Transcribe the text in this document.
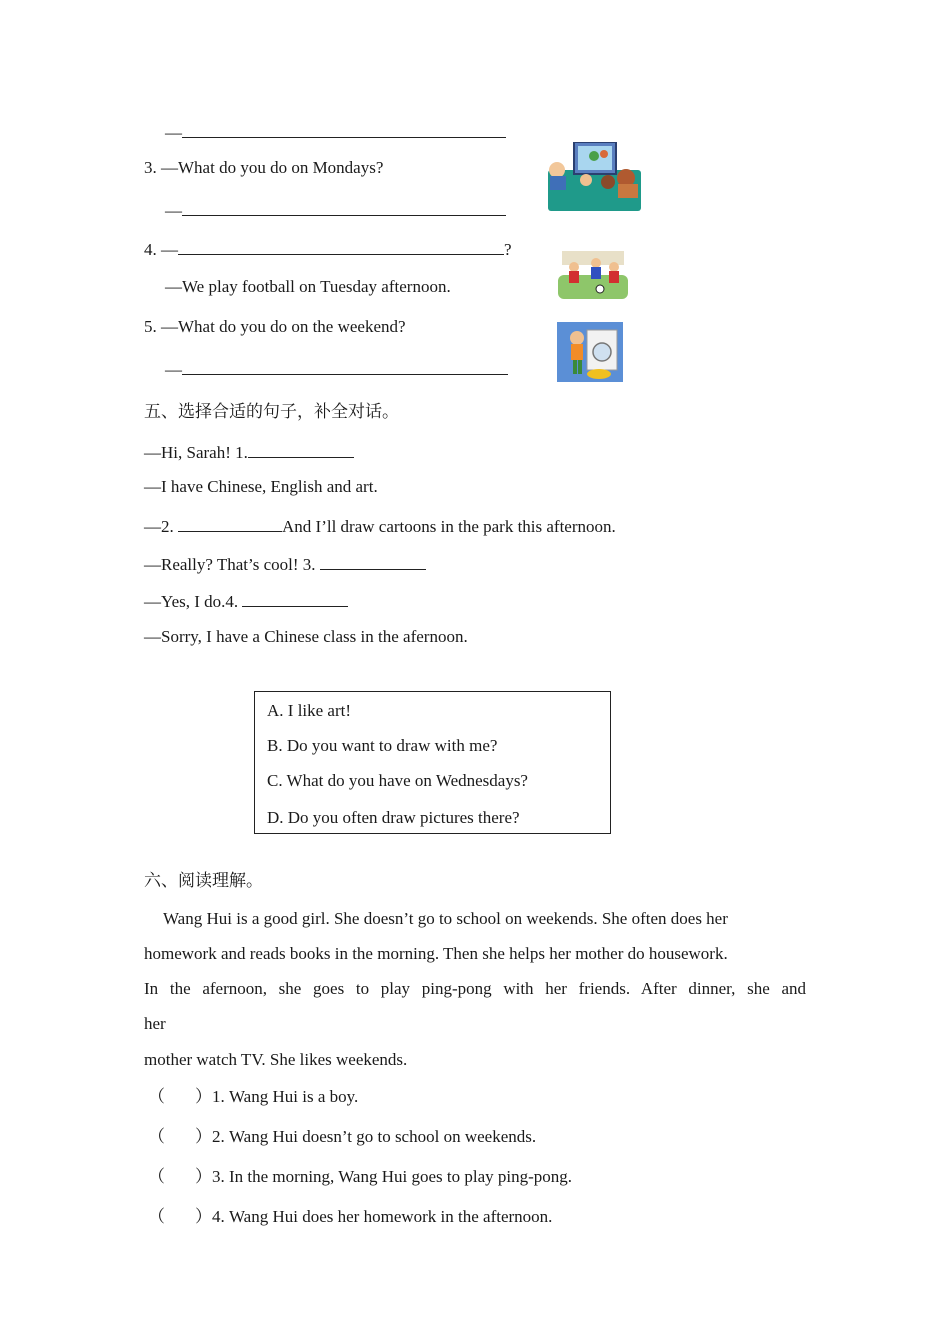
—
3. —What do you do on Mondays?
—
4. —	?
—We play football on Tuesday afternoon.
5. —What do you do on the weekend?
—
五、选择合适的句子，补全对话。
—Hi, Sarah! 1.
—I have Chinese, English and art.
—2.	And I’ll draw cartoons in the park this afternoon.
—Really? That’s cool! 3.
—Yes, I do.4.
—Sorry, I have a Chinese class in the afernoon.
A. I like art!
B. Do you want to draw with me?
C. What do you have on Wednesdays?
D. Do you often draw pictures there?
六、阅读理解。
Wang Hui is a good girl. She doesn’t go to school on weekends. She often does her
homework and reads books in the morning. Then she helps her mother do housework.
In the afernoon, she goes to play ping-pong with her friends. After dinner, she and
her
mother watch TV. She likes weekends.
（ ）1. Wang Hui is a boy.
（ ）2. Wang Hui doesn’t go to school on weekends.
（ ）3. In the morning, Wang Hui goes to play ping-pong.
（ ）4. Wang Hui does her homework in the afternoon.
